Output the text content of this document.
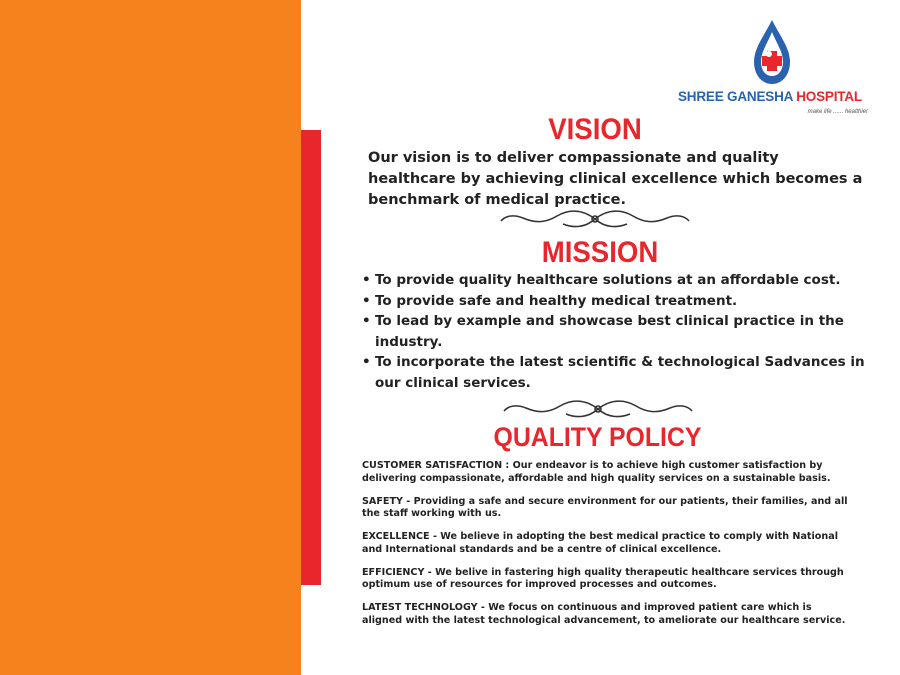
SHREE GANESHA HOSPITAL
make life ...... healthier
VISION
Our vision is to deliver compassionate and quality healthcare by achieving clinical excellence which becomes a benchmark of medical practice.
MISSION
• To provide quality healthcare solutions at an affordable cost.
• To provide safe and healthy medical treatment.
• To lead by example and showcase best clinical practice in the industry.
• To incorporate the latest scientific & technological Sadvances in our clinical services.
QUALITY POLICY

CUSTOMER SATISFACTION : Our endeavor is to achieve high customer satisfaction by delivering compassionate, affordable and high quality services on a sustainable basis.

SAFETY - Providing a safe and secure environment for our patients, their families, and all the staff working with us.

EXCELLENCE - We believe in adopting the best medical practice to comply with National and International standards and be a centre of clinical excellence.

EFFICIENCY - We belive in fastering high quality therapeutic healthcare services through optimum use of resources for improved processes and outcomes.

LATEST TECHNOLOGY - We focus on continuous and improved patient care which is aligned with the latest technological advancement, to ameliorate our healthcare service.
